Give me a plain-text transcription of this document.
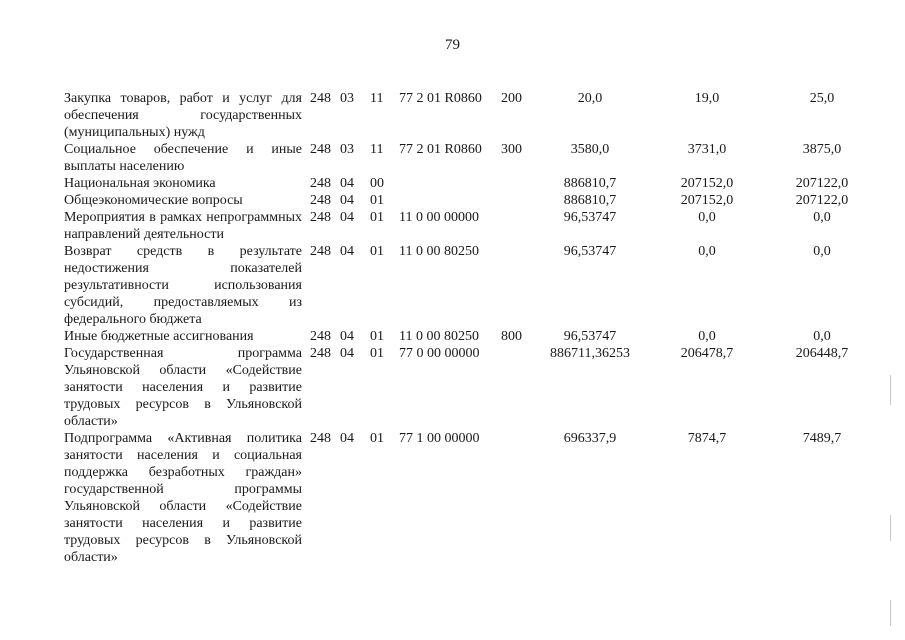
79
Закупка товаров, работ и услуг для обеспечения государственных (муниципальных) нужд	248	03	11	77 2 01 R0860	200	20,0	19,0	25,0
Социальное обеспечение и иные выплаты населению	248	03	11	77 2 01 R0860	300	3580,0	3731,0	3875,0
Национальная экономика	248	04	00			886810,7	207152,0	207122,0
Общеэкономические вопросы	248	04	01			886810,7	207152,0	207122,0
Мероприятия в рамках непрограммных направлений деятельности	248	04	01	11 0 00 00000		96,53747	0,0	0,0
Возврат средств в результате недостижения показателей результативности использования субсидий, предоставляемых из федерального бюджета	248	04	01	11 0 00 80250		96,53747	0,0	0,0
Иные бюджетные ассигнования	248	04	01	11 0 00 80250	800	96,53747	0,0	0,0
Государственная программа Ульяновской области «Содействие занятости населения и развитие трудовых ресурсов в Ульяновской области»	248	04	01	77 0 00 00000		886711,36253	206478,7	206448,7
Подпрограмма «Активная политика занятости населения и социальная поддержка безработных граждан» государственной программы Ульяновской области «Содействие занятости населения и развитие трудовых ресурсов в Ульяновской области»	248	04	01	77 1 00 00000		696337,9	7874,7	7489,7
